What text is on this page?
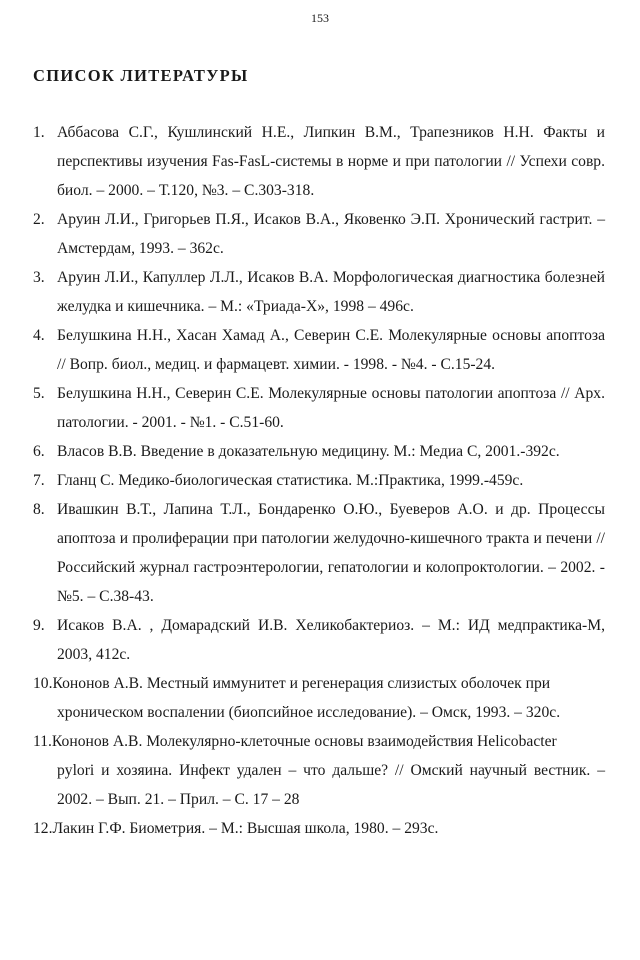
153
СПИСОК ЛИТЕРАТУРЫ
1. Аббасова С.Г., Кушлинский Н.Е., Липкин В.М., Трапезников Н.Н. Факты и перспективы изучения Fas-FasL-системы в норме и при патологии // Успехи совр. биол. – 2000. – Т.120, №3. – С.303-318.
2. Аруин Л.И., Григорьев П.Я., Исаков В.А., Яковенко Э.П. Хронический гастрит. – Амстердам, 1993. – 362с.
3. Аруин Л.И., Капуллер Л.Л., Исаков В.А. Морфологическая диагностика болезней желудка и кишечника. – М.: «Триада-Х», 1998 – 496с.
4. Белушкина Н.Н., Хасан Хамад А., Северин С.Е. Молекулярные основы апоптоза // Вопр. биол., медиц. и фармацевт. химии. - 1998. - №4. - С.15-24.
5. Белушкина Н.Н., Северин С.Е. Молекулярные основы патологии апоптоза // Арх. патологии. - 2001. - №1. - С.51-60.
6. Власов В.В. Введение в доказательную медицину. М.: Медиа С, 2001.-392с.
7. Гланц С. Медико-биологическая статистика. М.:Практика, 1999.-459с.
8. Ивашкин В.Т., Лапина Т.Л., Бондаренко О.Ю., Буеверов А.О. и др. Процессы апоптоза и пролиферации при патологии желудочно-кишечного тракта и печени // Российский журнал гастроэнтерологии, гепатологии и колопроктологии. – 2002. - №5. – С.38-43.
9. Исаков В.А. , Домарадский И.В. Хеликобактериоз. – М.: ИД медпрактика-М, 2003, 412с.
10.Кононов А.В. Местный иммунитет и регенерация слизистых оболочек при
хроническом воспалении (биопсийное исследование). – Омск, 1993. – 320с.
11.Кононов А.В. Молекулярно-клеточные основы взаимодействия Helicobacter
pylori и хозяина. Инфект удален – что дальше? // Омский научный вестник. – 2002. – Вып. 21. – Прил. – С. 17 – 28
12.Лакин Г.Ф. Биометрия. – М.: Высшая школа, 1980. – 293с.
